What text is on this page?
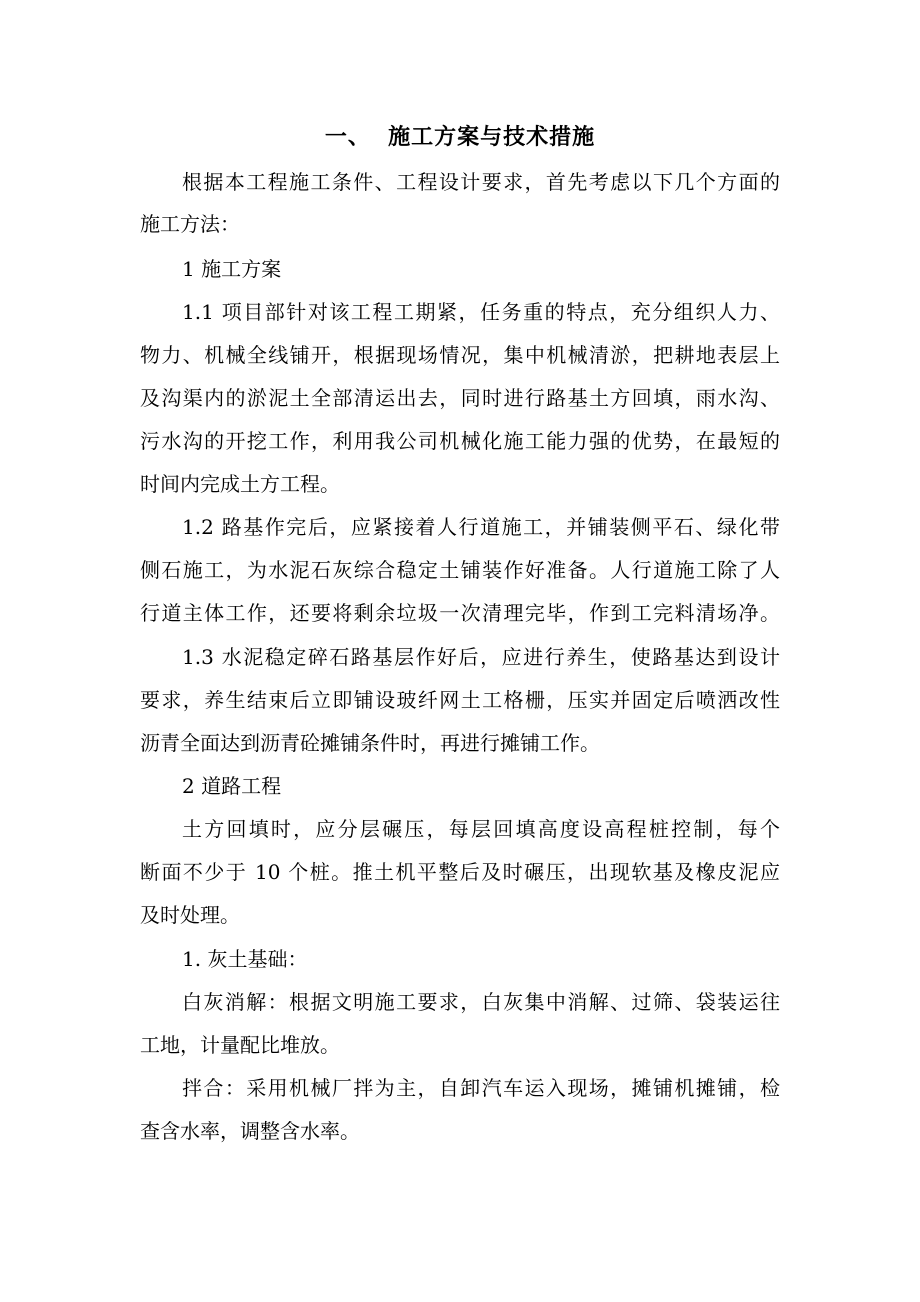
一、  施工方案与技术措施
根据本工程施工条件、工程设计要求，首先考虑以下几个方面的
施工方法：
1 施工方案
1.1 项目部针对该工程工期紧，任务重的特点，充分组织人力、
物力、机械全线铺开，根据现场情况，集中机械清淤，把耕地表层上
及沟渠内的淤泥土全部清运出去，同时进行路基土方回填，雨水沟、
污水沟的开挖工作，利用我公司机械化施工能力强的优势，在最短的
时间内完成土方工程。
1.2 路基作完后，应紧接着人行道施工，并铺装侧平石、绿化带
侧石施工，为水泥石灰综合稳定土铺装作好准备。人行道施工除了人
行道主体工作，还要将剩余垃圾一次清理完毕，作到工完料清场净。
1.3 水泥稳定碎石路基层作好后，应进行养生，使路基达到设计
要求，养生结束后立即铺设玻纤网土工格栅，压实并固定后喷洒改性
沥青全面达到沥青砼摊铺条件时，再进行摊铺工作。
2 道路工程
土方回填时，应分层碾压，每层回填高度设高程桩控制，每个
断面不少于 10 个桩。推土机平整后及时碾压，出现软基及橡皮泥应
及时处理。
1. 灰土基础：
白灰消解：根据文明施工要求，白灰集中消解、过筛、袋装运往
工地，计量配比堆放。
拌合：采用机械厂拌为主，自卸汽车运入现场，摊铺机摊铺，检
查含水率，调整含水率。
